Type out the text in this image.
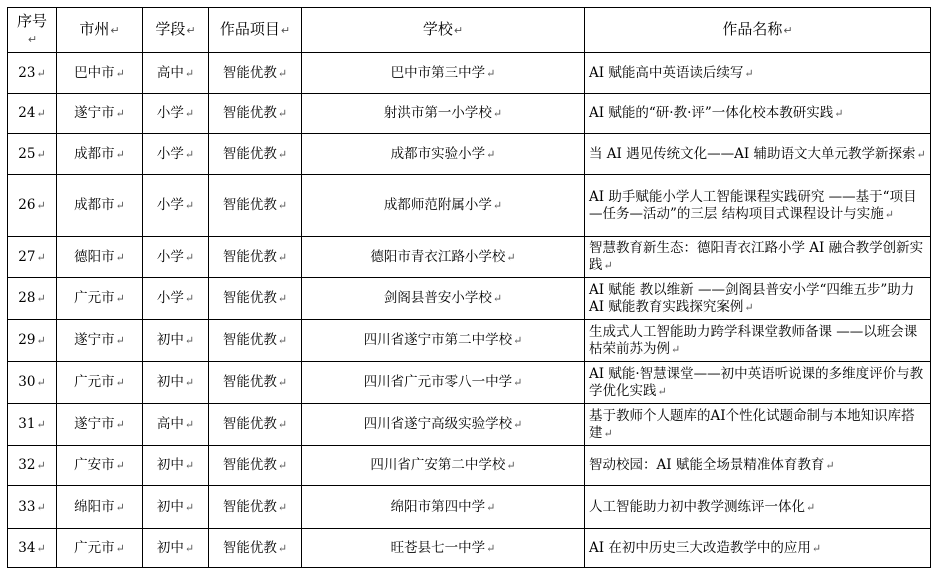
序号↵	市州↵	学段↵	作品项目↵	学校↵	作品名称↵
23↵	巴中市↵	高中↵	智能优教↵	巴中市第三中学↵	AI 赋能高中英语读后续写↵
24↵	遂宁市↵	小学↵	智能优教↵	射洪市第一小学校↵	AI 赋能的“研·教·评”一体化校本教研实践↵
25↵	成都市↵	小学↵	智能优教↵	成都市实验小学↵	当 AI 遇见传统文化——AI 辅助语文大单元教学新探索↵
26↵	成都市↵	小学↵	智能优教↵	成都师范附属小学↵	AI 助手赋能小学人工智能课程实践研究 ——基于“项目—任务—活动”的三层 结构项目式课程设计与实施↵
27↵	德阳市↵	小学↵	智能优教↵	德阳市青衣江路小学校↵	智慧教育新生态：德阳青衣江路小学 AI 融合教学创新实践↵
28↵	广元市↵	小学↵	智能优教↵	剑阁县普安小学校↵	AI 赋能 教以维新 ——剑阁县普安小学“四维五步”助力 AI 赋能教育实践探究案例↵
29↵	遂宁市↵	初中↵	智能优教↵	四川省遂宁市第二中学校↵	生成式人工智能助力跨学科课堂教师备课 ——以班会课枯荣前苏为例↵
30↵	广元市↵	初中↵	智能优教↵	四川省广元市零八一中学↵	AI 赋能·智慧课堂——初中英语听说课的多维度评价与教学优化实践↵
31↵	遂宁市↵	高中↵	智能优教↵	四川省遂宁高级实验学校↵	基于教师个人题库的AI个性化试题命制与本地知识库搭建↵
32↵	广安市↵	初中↵	智能优教↵	四川省广安第二中学校↵	智动校园：AI 赋能全场景精准体育教育↵
33↵	绵阳市↵	初中↵	智能优教↵	绵阳市第四中学↵	人工智能助力初中教学测练评一体化↵
34↵	广元市↵	初中↵	智能优教↵	旺苍县七一中学↵	AI 在初中历史三大改造教学中的应用↵
